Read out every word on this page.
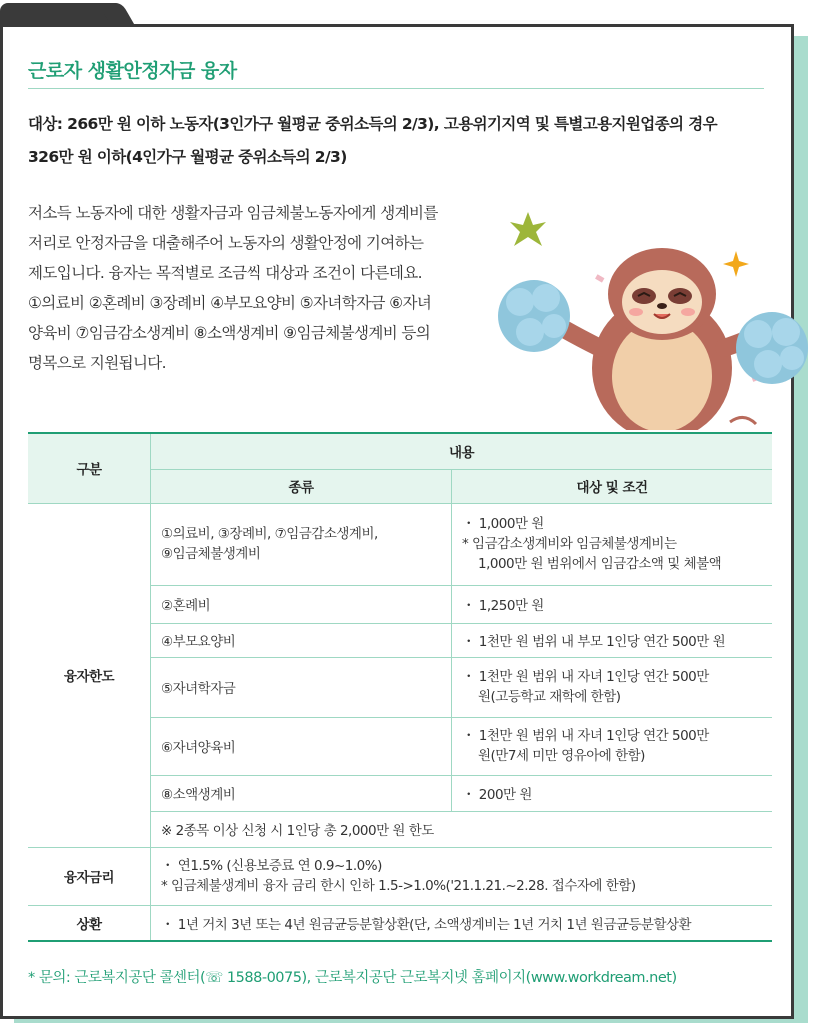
근로자 생활안정자금 융자
대상: 266만 원 이하 노동자(3인가구 월평균 중위소득의 2/3), 고용위기지역 및 특별고용지원업종의 경우
326만 원 이하(4인가구 월평균 중위소득의 2/3)
저소득 노동자에 대한 생활자금과 임금체불노동자에게 생계비를
저리로 안정자금을 대출해주어 노동자의 생활안정에 기여하는
제도입니다. 융자는 목적별로 조금씩 대상과 조건이 다른데요.
①의료비 ②혼례비 ③장례비 ④부모요양비 ⑤자녀학자금 ⑥자녀
양육비 ⑦임금감소생계비 ⑧소액생계비 ⑨임금체불생계비 등의
명목으로 지원됩니다.
구분	내용	
	종류	대상 및 조건
융자한도	①의료비, ③장례비, ⑦임금감소생계비,
⑨임금체불생계비	・ 1,000만 원
* 임금감소생계비와 임금체불생계비는
1,000만 원 범위에서 임금감소액 및 체불액

	②혼례비	・ 1,250만 원
	④부모요양비	・ 1천만 원 범위 내 부모 1인당 연간 500만 원
	⑤자녀학자금	・ 1천만 원 범위 내 자녀 1인당 연간 500만
원(고등학교 재학에 한함)

	⑥자녀양육비	・ 1천만 원 범위 내 자녀 1인당 연간 500만
원(만7세 미만 영유아에 한함)

	⑧소액생계비	・ 200만 원
	※ 2종목 이상 신청 시 1인당 총 2,000만 원 한도	
융자금리	・ 연1.5% (신용보증료 연 0.9~1.0%)
* 임금체불생계비 융자 금리 한시 인하 1.5->1.0%('21.1.21.~2.28. 접수자에 한함)	

상환	・ 1년 거치 3년 또는 4년 원금균등분할상환(단, 소액생계비는 1년 거치 1년 원금균등분할상환	
* 문의: 근로복지공단 콜센터(☏ 1588-0075), 근로복지공단 근로복지넷 홈페이지(www.workdream.net)
